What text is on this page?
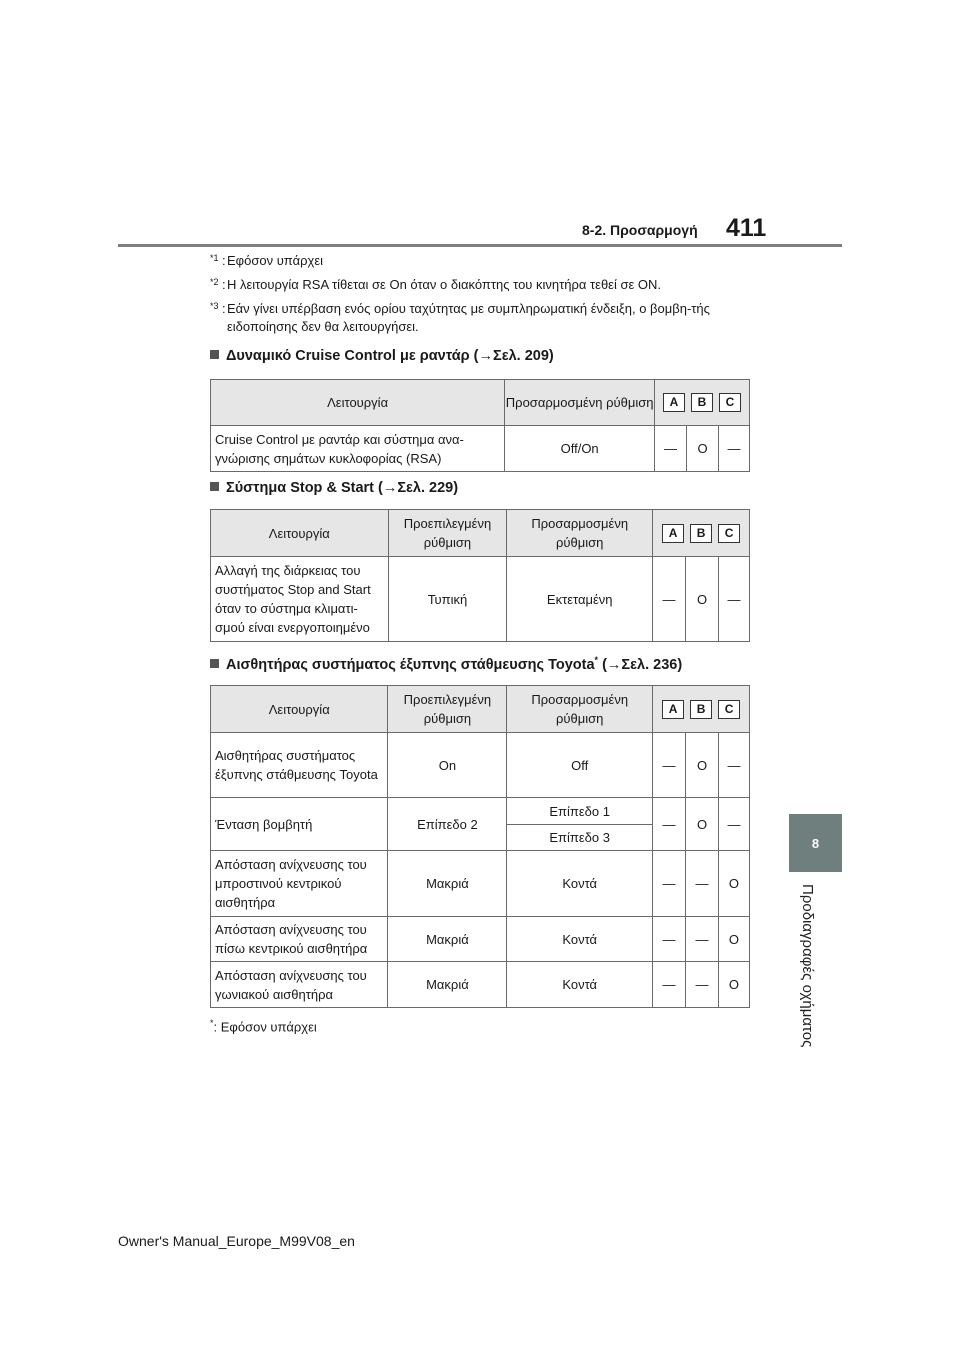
8-2. Προσαρμογή 411
8
Προδιαγραφές οχήματος
*1 : Εφόσον υπάρχει
*2 : Η λειτουργία RSA τίθεται σε On όταν ο διακόπτης του κινητήρα τεθεί σε ON.
*3 : Εάν γίνει υπέρβαση ενός ορίου ταχύτητας με συμπληρωματική ένδειξη, ο βομβη-τής ειδοποίησης δεν θα λειτουργήσει.
Δυναμικό Cruise Control με ραντάρ (→Σελ. 209)
Λειτουργία	Προσαρμοσμένη ρύθμιση	A B C		

Cruise Control με ραντάρ και σύστημα ανα-γνώρισης σημάτων κυκλοφορίας (RSA)	Off/On	—	O	—
Σύστημα Stop & Start (→Σελ. 229)
Λειτουργία	Προεπιλεγμένη ρύθμιση	Προσαρμοσμένη ρύθμιση	A B C		

Αλλαγή της διάρκειας του συστήματος Stop and Start όταν το σύστημα κλιματι-σμού είναι ενεργοποιημένο	Τυπική	Εκτεταμένη	—	O	—
Αισθητήρας συστήματος έξυπνης στάθμευσης Toyota* (→Σελ. 236)
Λειτουργία	Προεπιλεγμένη ρύθμιση	Προσαρμοσμένη ρύθμιση	A B C		

Αισθητήρας συστήματος έξυπνης στάθμευσης Toyota	On	Off	—	O	—
Ένταση βομβητή	Επίπεδο 2	Επίπεδο 1	—	O	—
		Επίπεδο 3			
Απόσταση ανίχνευσης του μπροστινού κεντρικού αισθητήρα	Μακριά	Κοντά	—	—	O
Απόσταση ανίχνευσης του πίσω κεντρικού αισθητήρα	Μακριά	Κοντά	—	—	O
Απόσταση ανίχνευσης του γωνιακού αισθητήρα	Μακριά	Κοντά	—	—	O
*: Εφόσον υπάρχει
Owner's Manual_Europe_M99V08_en
